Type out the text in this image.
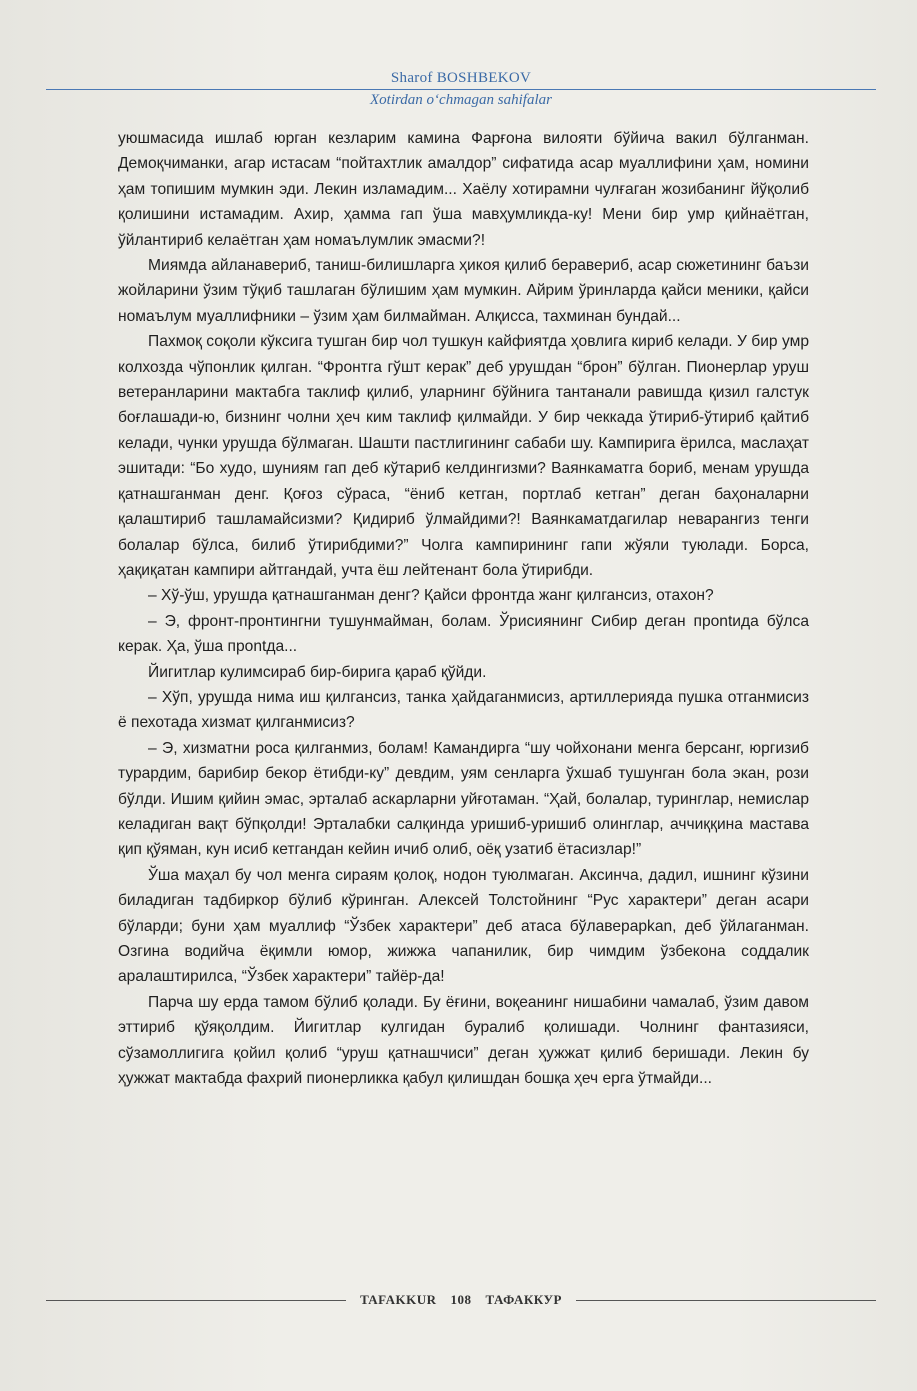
Sharof BOSHBEKOV
Xotirdan o‘chmagan sahifalar

уюшмасида ишлаб юрган кезларим камина Фарғона вилояти бўйича вакил бўлганман. Демоқчиманки, агар истасам “пойтахтлик амалдор” сифатида асар муаллифини ҳам, номини ҳам топишим мумкин эди. Лекин изламадим... Хаёлу хотирамни чулғаган жозибанинг йўқолиб қолишини истамадим. Ахир, ҳамма гап ўша мавҳумликда-ку! Мени бир умр қийнаётган, ўйлантириб келаётган ҳам номаълумлик эмасми?!

Миямда айланавериб, таниш-билишларга ҳикоя қилиб беравериб, асар сюжетининг баъзи жойларини ўзим тўқиб ташлаган бўлишим ҳам мумкин. Айрим ўринларда қайси меники, қайси номаълум муаллифники – ўзим ҳам билмайман. Алқисса, тахминан бундай...

Пахмоқ соқоли кўксига тушган бир чол тушкун кайфиятда ҳовлига кириб келади. У бир умр колхозда чўпонлик қилган. “Фронтга гўшт керак” деб урушдан “брон” бўлган. Пионерлар уруш ветеранларини мактабга таклиф қилиб, уларнинг бўйнига тантанали равишда қизил галстук боғлашади-ю, бизнинг чолни ҳеч ким таклиф қилмайди. У бир чеккада ўтириб-ўтириб қайтиб келади, чунки урушда бўлмаган. Шашти пастлигининг сабаби шу. Кампирига ёрилса, маслаҳат эшитади: “Бо худо, шуниям гап деб кўтариб келдингизми? Ваянкаматга бориб, менам урушда қатнашганман денг. Қоғоз сўраса, “ёниб кетган, портлаб кетган” деган баҳоналарни қалаштириб ташламайсизми? Қидириб ўлмайдими?! Ваянкаматдагилар неварангиз тенги болалар бўлса, билиб ўтирибдими?” Чолга кампирининг гапи жўяли туюлади. Борса, ҳақиқатан кампири айтгандай, учта ёш лейтенант бола ўтирибди.

– Хў-ўш, урушда қатнашганман денг? Қайси фронтда жанг қилгансиз, отахон?

– Э, фронт-пронтингни тушунмайман, болам. Ўрисиянинг Сибир деган прontида бўлса керак. Ҳа, ўша прontда...

Йигитлар кулимсираб бир-бирига қараб қўйди.

– Хўп, урушда нима иш қилгансиз, танка ҳайдаганмисиз, артиллерияда пушка отганмисиз ё пехотада хизмат қилганмисиз?

– Э, хизматни роса қилганмиз, болам! Камандирга “шу чойхонани менга берсанг, юргизиб турардим, барибир бекор ётибди-ку” девдим, уям сенларга ўхшаб тушунган бола экан, рози бўлди. Ишим қийин эмас, эрталаб аскарларни уйғотаман. “Ҳай, болалар, туринглар, немислар келадиган вақт бўпқолди! Эрталабки салқинда уришиб-уришиб олинглар, аччиққина мастава қип қўяман, кун исиб кетгандан кейин ичиб олиб, оёқ узатиб ётасизлар!”

Ўша маҳал бу чол менга сираям қолоқ, нодон туюлмаган. Аксинча, дадил, ишнинг кўзини биладиган тадбиркор бўлиб кўринган. Алексей Толстойнинг “Рус характери” деган асари бўларди; буни ҳам муаллиф “Ўзбек характери” деб атаса бўлаверарkan, деб ўйлаганман. Озгина водийча ёқимли юмор, жижжа чапанилик, бир чимдим ўзбекона соддалик аралаштирилса, “Ўзбек характери” тайёр-да!

Парча шу ерда тамом бўлиб қолади. Бу ёғини, воқеанинг нишабини чамалаб, ўзим давом эттириб қўяқолдим. Йигитлар кулгидан буралиб қолишади. Чолнинг фантазияси, сўзамоллигига қойил қолиб “уруш қатнашчиси” деган ҳужжат қилиб беришади. Лекин бу ҳужжат мактабда фахрий пионерликка қабул қилишдан бошқа ҳеч ерга ўтмайди...

TAFAKKUR 108 ТАФАККУР
